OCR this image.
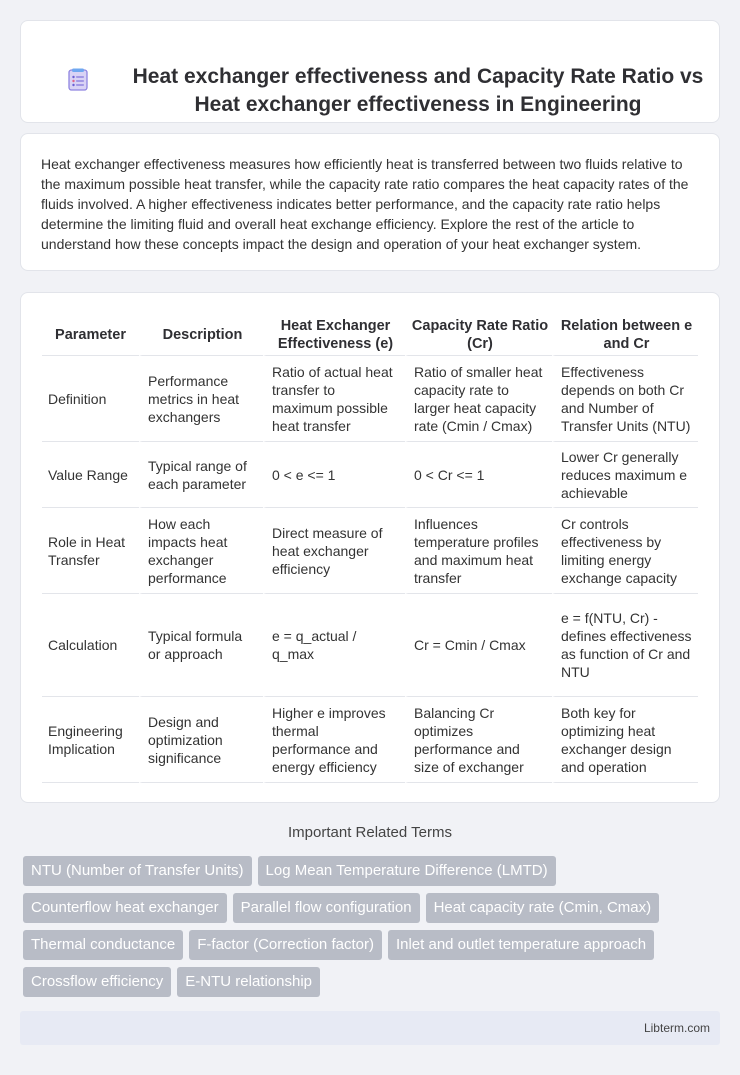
Heat exchanger effectiveness and Capacity Rate Ratio vs Heat exchanger effectiveness in Engineering

Heat exchanger effectiveness measures how efficiently heat is transferred between two fluids relative to the maximum possible heat transfer, while the capacity rate ratio compares the heat capacity rates of the fluids involved. A higher effectiveness indicates better performance, and the capacity rate ratio helps determine the limiting fluid and overall heat exchange efficiency. Explore the rest of the article to understand how these concepts impact the design and operation of your heat exchanger system.

Parameter	Description	Heat Exchanger Effectiveness (e)	Capacity Rate Ratio (Cr)	Relation between e and Cr
Definition	Performance metrics in heat exchangers	Ratio of actual heat transfer to maximum possible heat transfer	Ratio of smaller heat capacity rate to larger heat capacity rate (Cmin / Cmax)	Effectiveness depends on both Cr and Number of Transfer Units (NTU)
Value Range	Typical range of each parameter	0 < e <= 1	0 < Cr <= 1	Lower Cr generally reduces maximum e achievable
Role in Heat Transfer	How each impacts heat exchanger performance	Direct measure of heat exchanger efficiency	Influences temperature profiles and maximum heat transfer	Cr controls effectiveness by limiting energy exchange capacity
Calculation	Typical formula or approach	e = q_actual / q_max	Cr = Cmin / Cmax	e = f(NTU, Cr) - defines effectiveness as function of Cr and NTU
Engineering Implication	Design and optimization significance	Higher e improves thermal performance and energy efficiency	Balancing Cr optimizes performance and size of exchanger	Both key for optimizing heat exchanger design and operation
Important Related Terms
NTU (Number of Transfer Units)	Log Mean Temperature Difference (LMTD)
Counterflow heat exchanger	Parallel flow configuration	Heat capacity rate (Cmin, Cmax)
Thermal conductance	F-factor (Correction factor)	Inlet and outlet temperature approach
Crossflow efficiency	E-NTU relationship
Libterm.com
